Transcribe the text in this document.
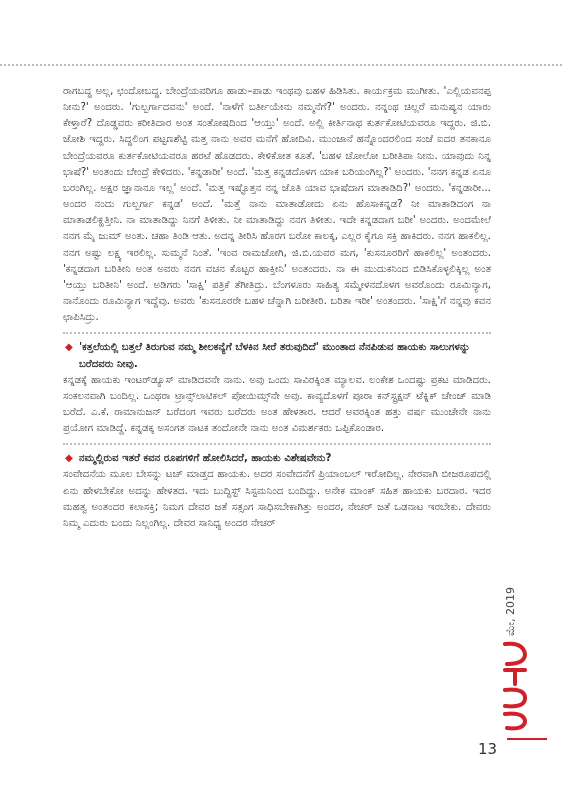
ರಾಗಬದ್ಧ ಅಲ್ಲ, ಛಂದೋಬದ್ಧ. ಬೇಂದ್ರೆಯವರಿಗೂ ಹಾಡು–ಪಾಡು ಇಂಥವು ಬಹಳ ಹಿಡಿಸಿತು. ಕಾರ್ಯಕ್ರಮ ಮುಗೀತು. 'ಎಲ್ಲಿಯವನಪ್ಪ ನೀನು?' ಅಂದರು. 'ಗುಲ್ಬರ್ಗಾದವನು' ಅಂದೆ. 'ನಾಳೆಗೆ ಬರ್ತೀಯೇನು ನಮ್ಮನೆಗೆ?' ಅಂದರು. ನನ್ನಂಥ ಚಿಲ್ಲರೆ ಮನುಷ್ಯನ ಯಾರು ಕೇಳ್ತಾರೆ? ದೊಡ್ಡವರು ಕರೀತಿದಾರ ಅಂತ ಸಂತೋಷದಿಂದ 'ಆಯ್ತು' ಅಂದೆ. ಅಲ್ಲಿ ಕೀರ್ತಿನಾಥ ಕುರ್ತಕೋಟಿಯವರೂ ಇದ್ದರು. ಜಿ.ಬಿ. ಜೋಶಿ ಇದ್ದರು. ಸಿದ್ಧಲಿಂಗ ಪಟ್ಟಣಶೆಟ್ಟಿ ಮತ್ತ ನಾನು ಅವರ ಮನೆಗೆ ಹೋದಿವಿ. ಮುಂಜಾನೆ ಹನ್ನೊಂದರಲಿಂದ ಸಂಜೆ ಐದರ ತನಕಾನೂ ಬೇಂದ್ರೆಯವರೂ ಕುರ್ತಕೋಟಿಯವರೂ ಹರಟೆ ಹೊಡದರು. ಕೇಳಿಕೋತ ಕೂತೆ. 'ಬಹಳ ಚೋಲೋ ಬರೀತಿಪಾ ನೀನು. ಯಾವುದು ನಿನ್ನ ಭಾಷೆ?' ಅಂತಂದು ಬೇಂದ್ರೆ ಕೇಳಿದರು. 'ಕನ್ನಡಾರೀ' ಅಂದೆ. 'ಮತ್ತ ಕನ್ನಡದೊಳಗ ಯಾಕ ಬರಿಯಂಗಿಲ್ಲ?' ಅಂದರು. 'ನನಗ ಕನ್ನಡ ಏನೂ ಬರಂಗಿಲ್ಲ. ಅಕ್ಷರ ಜ್ಞಾನಾನೂ ಇಲ್ಲ' ಅಂದೆ. 'ಮತ್ತ ಇಷ್ಟೊತ್ತನ ನನ್ನ ಜೊತಿ ಯಾವ ಭಾಷೆದಾಗ ಮಾತಾಡಿದಿ?' ಅಂದರು. 'ಕನ್ನಡಾರೀ... ಅಂದರ ನಂದು ಗುಲ್ಬರ್ಗಾ ಕನ್ನಡ' ಅಂದೆ. 'ಮತ್ತೆ ನಾನು ಮಾತಾಡೋದು ಏನು ಹೊಸಾಕನ್ನಡ? ನೀ ಮಾತಾಡಿದಂಗ ನಾ ಮಾತಾಡಲಿಕ್ಹತ್ತೀನಿ. ನಾ ಮಾತಾಡಿದ್ದು ನಿನಗೆ ತಿಳೀತು. ನೀ ಮಾತಾಡಿದ್ದು ನನಗ ತಿಳೀತು. ಇದೇ ಕನ್ನಡದಾಗ ಬರೀ' ಅಂದರು. ಅಂದಮೇಲೆ ನನಗ ಮೈ ಜುಮ್ ಅಂತು. ಚಹಾ ತಿಂಡಿ ಆತು. ಅದನ್ನ ತೀರಿಸಿ ಹೊರಗ ಬರೋ ಕಾಲಕ್ಕ, ಎಲ್ಲರ ಕೈಗೂ ಸಕ್ರಿ ಹಾಕಿದರು. ನನಗ ಹಾಕಲಿಲ್ಲ. ನನಗ ಅಷ್ಟು ಲಕ್ಷ್ಯ ಇರಲಿಲ್ಲ. ಸುಮ್ಮನೆ ನಿಂತೆ. 'ಇಂವ ರಾಮಜೋಗಿ, ಜಿ.ಬಿ.ಯವರ ಮಗ, 'ಕುಸನೂರರಿಗೆ ಹಾಕಲಿಲ್ಲ' ಅಂತಂದರು. 'ಕನ್ನಡದಾಗ ಬರಿತೀನಿ ಅಂತ ಅವರು ನನಗ ವಚನ ಕೊಟ್ಟರ ಹಾಕ್ತೀನಿ' ಅಂತಂದರು. ನಾ ಈ ಮುದುಕನಿಂದ ಬಿಡಿಸಿಕೊಳ್ಳಲಿಕ್ಕಿಲ್ಲ ಅಂತ 'ಆಯ್ತು ಬರಿತೀನಿ' ಅಂದೆ. ಅಡಿಗರು 'ಸಾಕ್ಷಿ' ಪತ್ರಿಕೆ ತೆಗೀತಿದ್ರು. ಬೆಂಗಳೂರು ಸಾಹಿತ್ಯ ಸಮ್ಮೇಳನದೊಳಗ ಅವರೊಂದು ರೂಮಿನ್ಯಾಗ, ನಾನೊಂದು ರೂಮಿನ್ಯಾಗ ಇದ್ದೆವು. ಅವರು 'ಕುಸನೂರರೇ ಬಹಳ ಚೆನ್ನಾಗಿ ಬರೀತೀರಿ. ಬರಿತಾ ಇರೀ' ಅಂತಂದರು. 'ಸಾಕ್ಷಿ'ಗೆ ನನ್ನವು ಕವನ ಛಾಪಿಸಿದ್ರು.

◆ 'ಕತ್ತಲೆಯಲ್ಲಿ ಬತ್ತಲೆ ತಿರುಗುವ ನಮ್ಮ ಶೀಲಕನ್ಯೆಗೆ ಬೆಳಕಿನ ಸೀರೆ ತರುವುದಿದೆ' ಮುಂತಾದ ನೆನಪಿಡುವ ಹಾಯಕು ಸಾಲುಗಳನ್ನು ಬರೆದವರು ನೀವು.

ಕನ್ನಡಕ್ಕೆ ಹಾಯಕು ಇಂಟರ್‌ಡ್ಯೂಸ್ ಮಾಡಿದವನೇ ನಾನು. ಅವು ಒಂದು ಸಾವಿರಕ್ಕಿಂತ ಮ್ಯಾಲವ. ಲಂಕೇಶ ಒಂದಷ್ಟು ಪ್ರಕಟ ಮಾಡಿದರು. ಸಂಕಲನವಾಗಿ ಬಂದಿಲ್ಲ. ಒಂಥರಾ ಟ್ರಾನ್ಸ್‌ಲಾಟಿಕಲ್ ಪೋಯಿಮ್ಸ್‌ನೇ ಅವು. ಕಾವ್ಯದೊಳಗೆ ಪೂರಾ ಕನ್‌ಸ್ಟ್ರಕ್ಷನ್ ಟೆಕ್ನಿಕ್ ಚೇಂಜ್ ಮಾಡಿ ಬರೆದೆ. ಎ.ಕೆ. ರಾಮಾನುಜನ್ ಬರೆದಂಗ ಇವರು ಬರೆದರು ಅಂತ ಹೇಳತಾರ. ಆದರೆ ಅವರಕ್ಕಿಂತ ಹತ್ತು ವರ್ಷ ಮುಂಚೇನೇ ನಾನು ಪ್ರಯೋಗ ಮಾಡಿದ್ದೆ. ಕನ್ನಡಕ್ಕ ಅಸಂಗತ ನಾಟಕ ತಂದೋನೇ ನಾನು ಅಂತ ವಿಮರ್ಶಕರು ಒಪ್ಪಿಕೊಂಡಾರ.

◆ ನಮ್ಮಲ್ಲಿರುವ ಇತರೆ ಕವನ ರೂಪಗಳಿಗೆ ಹೋಲಿಸಿದರೆ, ಹಾಯಕು ವಿಶೇಷವೇನು?

ಸಂವೇದನೆಯ ಮೂಲ ಬೇಸನ್ನು ಟಚ್ ಮಾಡ್ತದ ಹಾಯಕು. ಅದರ ಸಂವೇದನೆಗೆ ಪ್ರಿಯಾಂಬಲ್ ಇರೋದಿಲ್ಲ. ನೇರವಾಗಿ ಬೀಜರೂಪದಲ್ಲಿ ಏನು ಹೇಳಬೇಕೋ ಅದನ್ನು ಹೇಳತದ. ಇದು ಬುದ್ದಿಸ್ಟ್ ಸಿಸ್ಟಮನಿಂದ ಬಂದಿದ್ದು. ಅನೇಕ ಮಾಂಕ್ ಸಹಿತ ಹಾಯಕು ಬರದಾರ. ಇದರ ಮಹತ್ವ ಅಂತಂದರ ಕಲಾಸಕ್ತಿ; ನಿಮಗ ದೇವರ ಜತೆ ಸತ್ಸಂಗ ಸಾಧಿಸಬೇಕಾಗಿತ್ತು ಅಂದರ, ನೇಚರ್ ಜತೆ ಒಡನಾಟ ಇರಬೇಕು. ದೇವರು ನಿಮ್ಮ ಎದುರು ಬಂದು ನಿಲ್ಲಂಗಿಲ್ಲ. ದೇವರ ಸಾನಿಧ್ಯ ಅಂದರ ನೇಚರ್

ಮೇ, 2019
13
